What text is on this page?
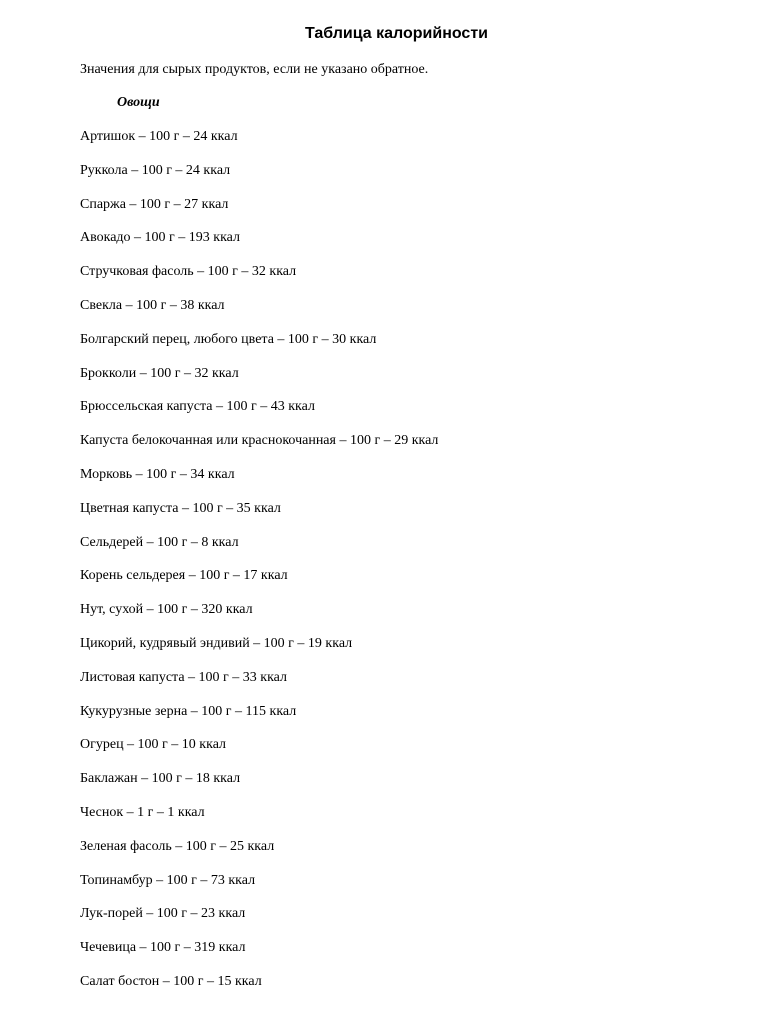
Таблица калорийности
Значения для сырых продуктов, если не указано обратное.
Овощи
Артишок – 100 г – 24 ккал
Руккола – 100 г – 24 ккал
Спаржа – 100 г – 27 ккал
Авокадо – 100 г – 193 ккал
Стручковая фасоль – 100 г – 32 ккал
Свекла – 100 г – 38 ккал
Болгарский перец, любого цвета – 100 г – 30 ккал
Брокколи – 100 г – 32 ккал
Брюссельская капуста – 100 г – 43 ккал
Капуста белокочанная или краснокочанная – 100 г – 29 ккал
Морковь – 100 г – 34 ккал
Цветная капуста – 100 г – 35 ккал
Сельдерей – 100 г – 8 ккал
Корень сельдерея – 100 г – 17 ккал
Нут, сухой – 100 г – 320 ккал
Цикорий, кудрявый эндивий – 100 г – 19 ккал
Листовая капуста – 100 г – 33 ккал
Кукурузные зерна – 100 г – 115 ккал
Огурец – 100 г – 10 ккал
Баклажан – 100 г – 18 ккал
Чеснок – 1 г – 1 ккал
Зеленая фасоль – 100 г – 25 ккал
Топинамбур – 100 г – 73 ккал
Лук-порей – 100 г – 23 ккал
Чечевица – 100 г – 319 ккал
Салат бостон – 100 г – 15 ккал
